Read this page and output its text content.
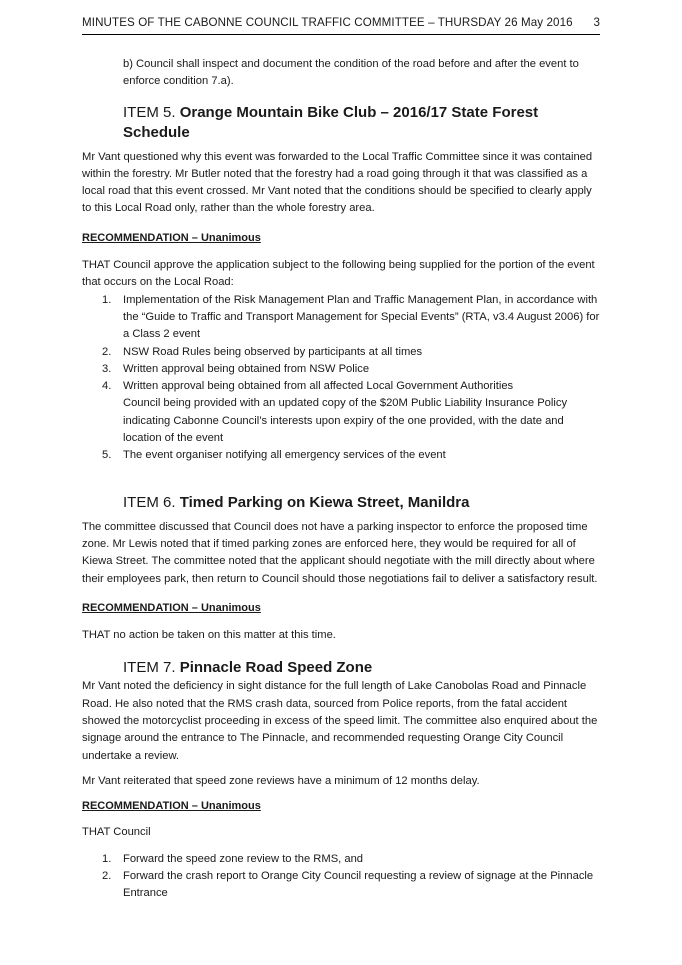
MINUTES OF THE CABONNE COUNCIL TRAFFIC COMMITTEE – THURSDAY 26 May 2016 3

b) Council shall inspect and document the condition of the road before and after the event to enforce condition 7.a).

ITEM 5. Orange Mountain Bike Club – 2016/17 State Forest Schedule

Mr Vant questioned why this event was forwarded to the Local Traffic Committee since it was contained within the forestry. Mr Butler noted that the forestry had a road going through it that was classified as a local road that this event crossed. Mr Vant noted that the conditions should be specified to clearly apply to this Local Road only, rather than the whole forestry area.

RECOMMENDATION – Unanimous

THAT Council approve the application subject to the following being supplied for the portion of the event that occurs on the Local Road:

1. Implementation of the Risk Management Plan and Traffic Management Plan, in accordance with the “Guide to Traffic and Transport Management for Special Events” (RTA, v3.4 August 2006) for a Class 2 event
2. NSW Road Rules being observed by participants at all times
3. Written approval being obtained from NSW Police
4. Written approval being obtained from all affected Local Government Authorities
Council being provided with an updated copy of the $20M Public Liability Insurance Policy indicating Cabonne Council’s interests upon expiry of the one provided, with the date and location of the event
5. The event organiser notifying all emergency services of the event
ITEM 6. Timed Parking on Kiewa Street, Manildra

The committee discussed that Council does not have a parking inspector to enforce the proposed time zone. Mr Lewis noted that if timed parking zones are enforced here, they would be required for all of Kiewa Street. The committee noted that the applicant should negotiate with the mill directly about where their employees park, then return to Council should those negotiations fail to deliver a satisfactory result.

RECOMMENDATION – Unanimous

THAT no action be taken on this matter at this time.

ITEM 7. Pinnacle Road Speed Zone

Mr Vant noted the deficiency in sight distance for the full length of Lake Canobolas Road and Pinnacle Road. He also noted that the RMS crash data, sourced from Police reports, from the fatal accident showed the motorcyclist proceeding in excess of the speed limit. The committee also enquired about the signage around the entrance to The Pinnacle, and recommended requesting Orange City Council undertake a review.

Mr Vant reiterated that speed zone reviews have a minimum of 12 months delay.

RECOMMENDATION – Unanimous

THAT Council

1. Forward the speed zone review to the RMS, and
2. Forward the crash report to Orange City Council requesting a review of signage at the Pinnacle Entrance
